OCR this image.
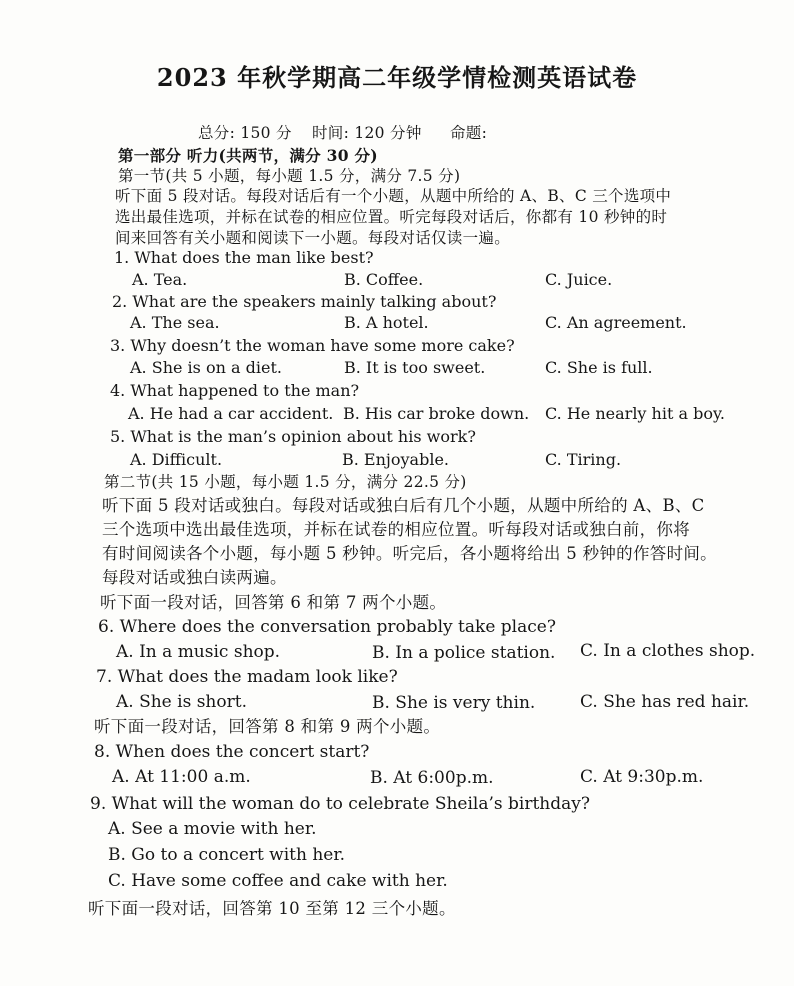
2023 年秋学期高二年级学情检测英语试卷
总分: 150 分 时间: 120 分钟 命题:
第一部分 听力(共两节，满分 30 分)
第一节(共 5 小题，每小题 1.5 分，满分 7.5 分)
听下面 5 段对话。每段对话后有一个小题，从题中所给的 A、B、C 三个选项中
选出最佳选项，并标在试卷的相应位置。听完每段对话后，你都有 10 秒钟的时
间来回答有关小题和阅读下一小题。每段对话仅读一遍。
1. What does the man like best?
A. Tea.	B. Coffee.	C. Juice.
2. What are the speakers mainly talking about?
A. The sea.	B. A hotel.	C. An agreement.
3. Why doesn’t the woman have some more cake?
A. She is on a diet.	B. It is too sweet.	C. She is full.
4. What happened to the man?
A. He had a car accident. B. His car broke down. C. He nearly hit a boy.
5. What is the man’s opinion about his work?
A. Difficult.	B. Enjoyable.	C. Tiring.
第二节(共 15 小题，每小题 1.5 分，满分 22.5 分)
听下面 5 段对话或独白。每段对话或独白后有几个小题，从题中所给的 A、B、C
三个选项中选出最佳选项，并标在试卷的相应位置。听每段对话或独白前，你将
有时间阅读各个小题，每小题 5 秒钟。听完后，各小题将给出 5 秒钟的作答时间。
每段对话或独白读两遍。
听下面一段对话，回答第 6 和第 7 两个小题。
6. Where does the conversation probably take place?
A. In a music shop.	B. In a police station. C. In a clothes shop.
7. What does the madam look like?
A. She is short.	B. She is very thin.	C. She has red hair.
听下面一段对话，回答第 8 和第 9 两个小题。
8. When does the concert start?
A. At 11:00 a.m.	B. At 6:00p.m.	C. At 9:30p.m.
9. What will the woman do to celebrate Sheila’s birthday?
A. See a movie with her.
B. Go to a concert with her.
C. Have some coffee and cake with her.
听下面一段对话，回答第 10 至第 12 三个小题。
